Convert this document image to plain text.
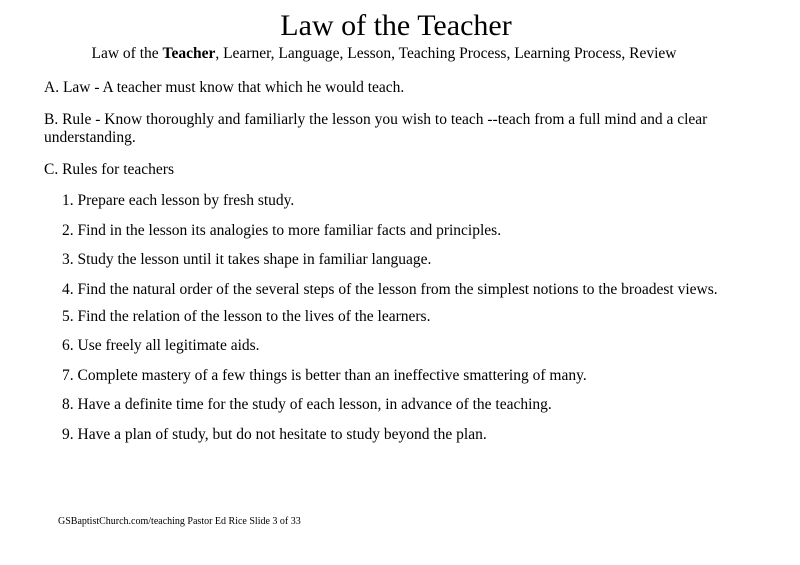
Law of the Teacher
Law of the Teacher, Learner, Language, Lesson, Teaching Process, Learning Process, Review
A. Law - A teacher must know that which he would teach.
B. Rule - Know thoroughly and familiarly the lesson you wish to teach --teach from a full mind and a clear understanding.
C. Rules for teachers
1. Prepare each lesson by fresh study.
2. Find in the lesson its analogies to more familiar facts and principles.
3. Study the lesson until it takes shape in familiar language.
4. Find the natural order of the several steps of the lesson from the simplest notions to the broadest views.
5. Find the relation of the lesson to the lives of the learners.
6. Use freely all legitimate aids.
7. Complete mastery of a few things is better than an ineffective smattering of many.
8. Have a definite time for the study of each lesson, in advance of the teaching.
9. Have a plan of study, but do not hesitate to study beyond the plan.
GSBaptistChurch.com/teaching Pastor Ed Rice Slide 3 of 33
